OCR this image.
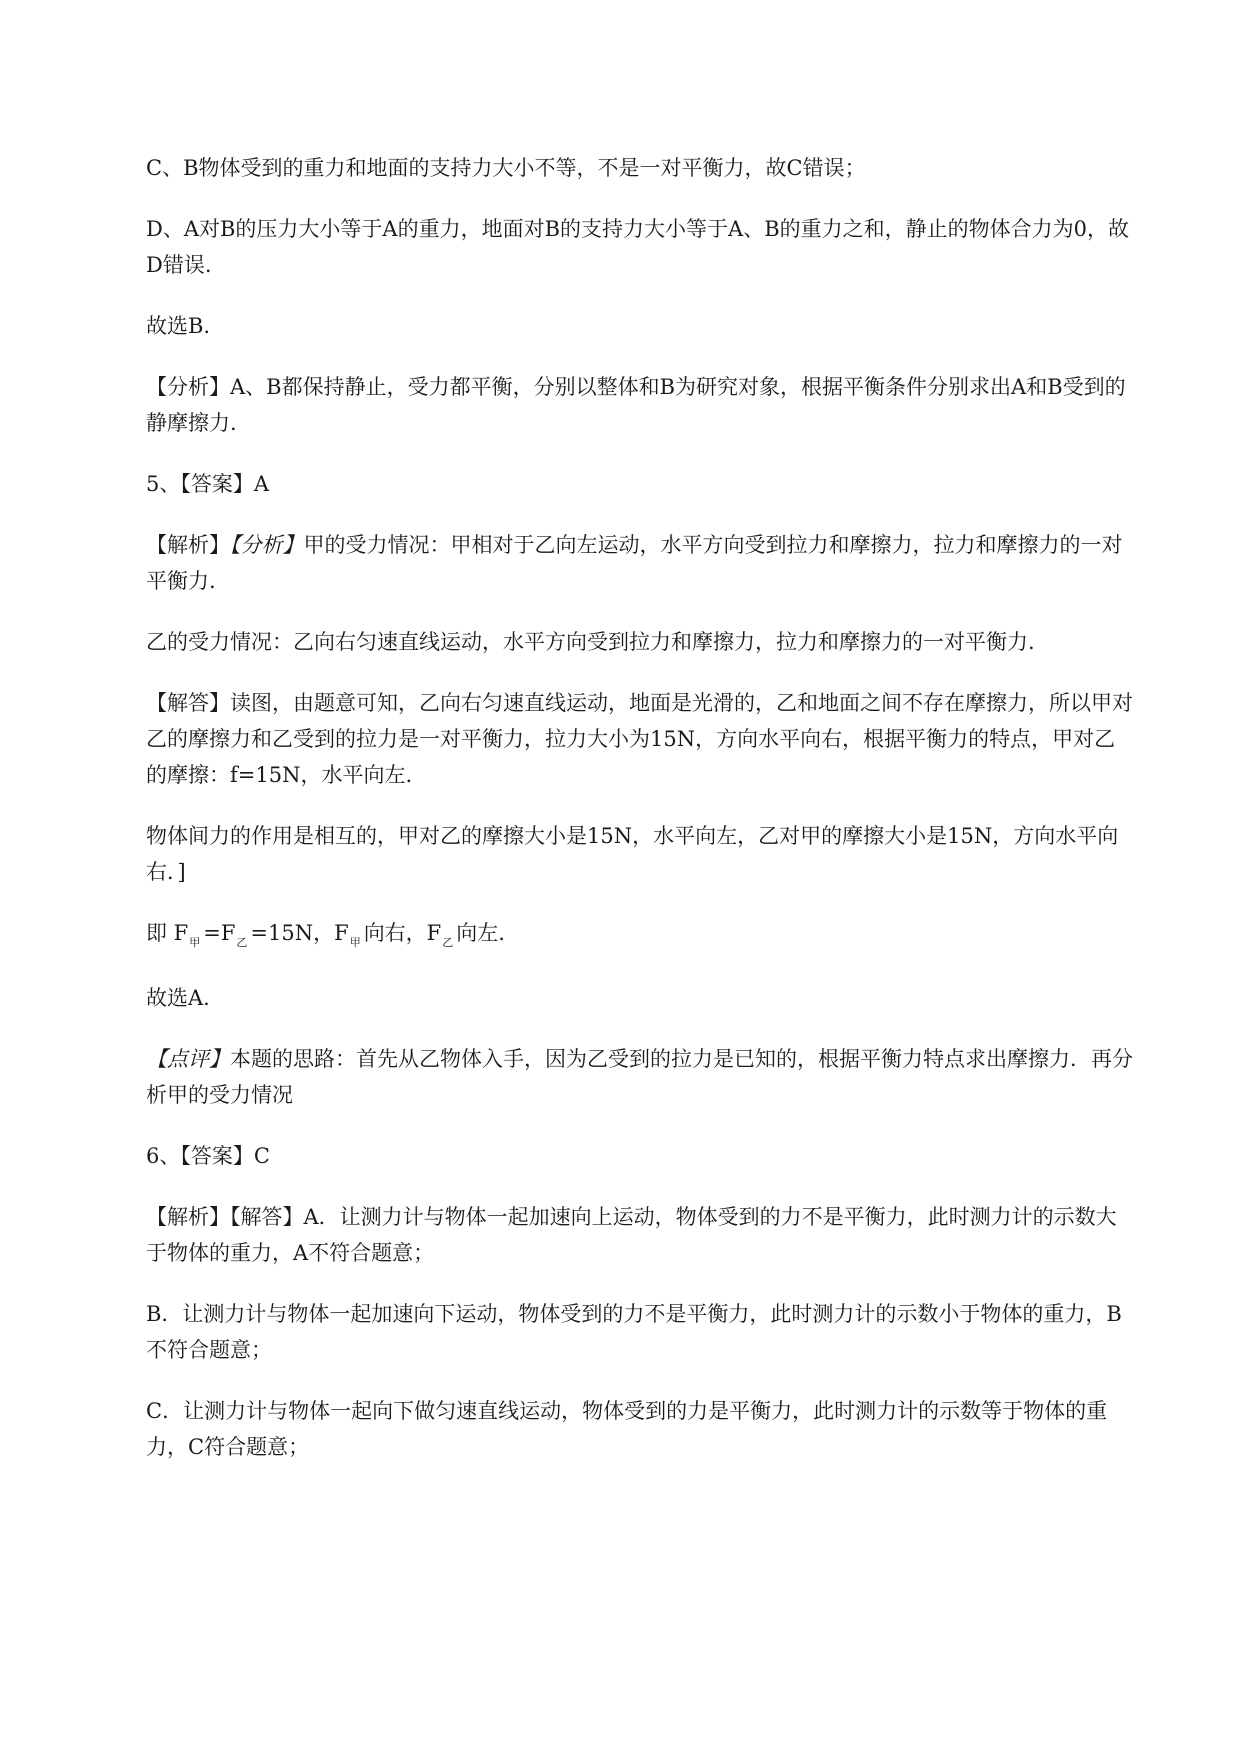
C、B物体受到的重力和地面的支持力大小不等，不是一对平衡力，故C错误；

D、A对B的压力大小等于A的重力，地面对B的支持力大小等于A、B的重力之和，静止的物体合力为0，故D错误.

故选B.

【分析】A、B都保持静止，受力都平衡，分别以整体和B为研究对象，根据平衡条件分别求出A和B受到的静摩擦力.

5、【答案】A

【解析】【分析】甲的受力情况：甲相对于乙向左运动，水平方向受到拉力和摩擦力，拉力和摩擦力的一对平衡力.

乙的受力情况：乙向右匀速直线运动，水平方向受到拉力和摩擦力，拉力和摩擦力的一对平衡力.

【解答】读图，由题意可知，乙向右匀速直线运动，地面是光滑的，乙和地面之间不存在摩擦力，所以甲对乙的摩擦力和乙受到的拉力是一对平衡力，拉力大小为15N，方向水平向右，根据平衡力的特点，甲对乙的摩擦：f=15N，水平向左.

物体间力的作用是相互的，甲对乙的摩擦大小是15N，水平向左，乙对甲的摩擦大小是15N，方向水平向右．]

即 $F_甲 =F_乙 =15N$，$F_甲$ 向右，$F_乙$ 向左.

故选A.

【点评】本题的思路：首先从乙物体入手，因为乙受到的拉力是已知的，根据平衡力特点求出摩擦力．再分析甲的受力情况

6、【答案】C

【解析】【解答】A．让测力计与物体一起加速向上运动，物体受到的力不是平衡力，此时测力计的示数大于物体的重力，A不符合题意；

B．让测力计与物体一起加速向下运动，物体受到的力不是平衡力，此时测力计的示数小于物体的重力，B不符合题意；

C．让测力计与物体一起向下做匀速直线运动，物体受到的力是平衡力，此时测力计的示数等于物体的重力，C符合题意；
